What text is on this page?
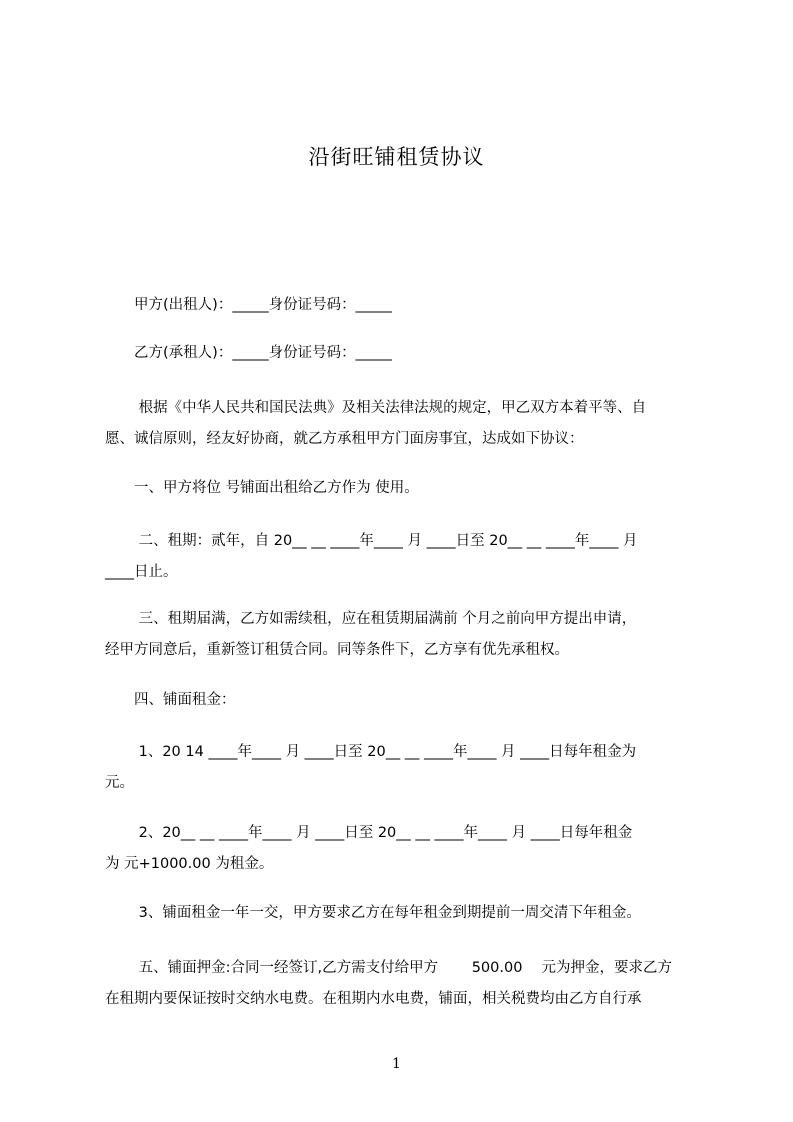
沿街旺铺租赁协议
　　甲方(出租人)：_____身份证号码：_____
　　乙方(承租人)：_____身份证号码：_____
　　 根据《中华人民共和国民法典》及相关法律法规的规定，甲乙双方本着平等、自
愿、诚信原则，经友好协商，就乙方承租甲方门面房事宜，达成如下协议：
　　一、甲方将位 号铺面出租给乙方作为 使用。
　　 二、租期：贰年，自 20__ __ ____年____ 月 ____日至 20__ __ ____年____ 月
____日止。
　　 三、租期届满，乙方如需续租，应在租赁期届满前 个月之前向甲方提出申请，
经甲方同意后，重新签订租赁合同。同等条件下，乙方享有优先承租权。
　　四、铺面租金：
　　 1、20 14 ____年____ 月 ____日至 20__ __ ____年____ 月 ____日每年租金为
元。
　　 2、20__ __ ____年____ 月 ____日至 20__ __ ____年____ 月 ____日每年租金
为 元+1000.00 为租金。
　　 3、铺面租金一年一交，甲方要求乙方在每年租金到期提前一周交清下年租金。
　　 五、铺面押金:合同一经签订,乙方需支付给甲方　　 500.00　 元为押金，要求乙方
在租期内要保证按时交纳水电费。在租期内水电费，铺面，相关税费均由乙方自行承
1
